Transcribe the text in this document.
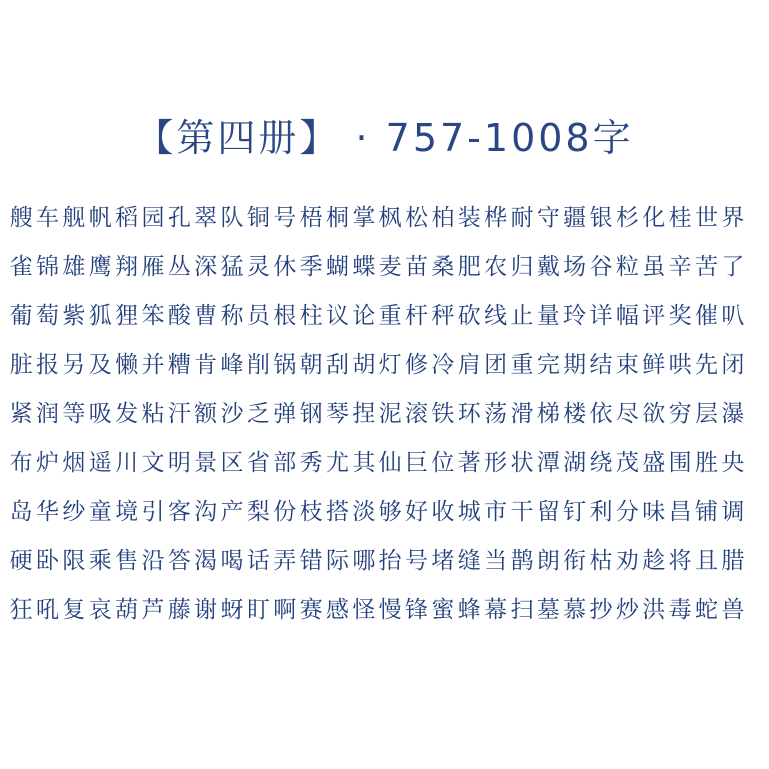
【第四册】 · 757-1008字
艘 车 舰 帆 稻 园 孔 翠 队 铜 号 梧 桐 掌 枫 松 柏 装 桦 耐 守 疆 银 杉 化 桂 世 界
雀 锦 雄 鹰 翔 雁 丛 深 猛 灵 休 季 蝴 蝶 麦 苗 桑 肥 农 归 戴 场 谷 粒 虽 辛 苦 了
葡 萄 紫 狐 狸 笨 酸 曹 称 员 根 柱 议 论 重 杆 秤 砍 线 止 量 玲 详 幅 评 奖 催 叭
脏 报 另 及 懒 并 糟 肯 峰 削 锅 朝 刮 胡 灯 修 冷 肩 团 重 完 期 结 束 鲜 哄 先 闭
紧 润 等 吸 发 粘 汗 额 沙 乏 弹 钢 琴 捏 泥 滚 铁 环 荡 滑 梯 楼 依 尽 欲 穷 层 瀑
布 炉 烟 遥 川 文 明 景 区 省 部 秀 尤 其 仙 巨 位 著 形 状 潭 湖 绕 茂 盛 围 胜 央
岛 华 纱 童 境 引 客 沟 产 梨 份 枝 搭 淡 够 好 收 城 市 干 留 钉 利 分 味 昌 铺 调
硬 卧 限 乘 售 沿 答 渴 喝 话 弄 错 际 哪 抬 号 堵 缝 当 鹊 朗 衔 枯 劝 趁 将 且 腊
狂 吼 复 哀 葫 芦 藤 谢 蚜 盯 啊 赛 感 怪 慢 锋 蜜 蜂 幕 扫 墓 慕 抄 炒 洪 毒 蛇 兽
